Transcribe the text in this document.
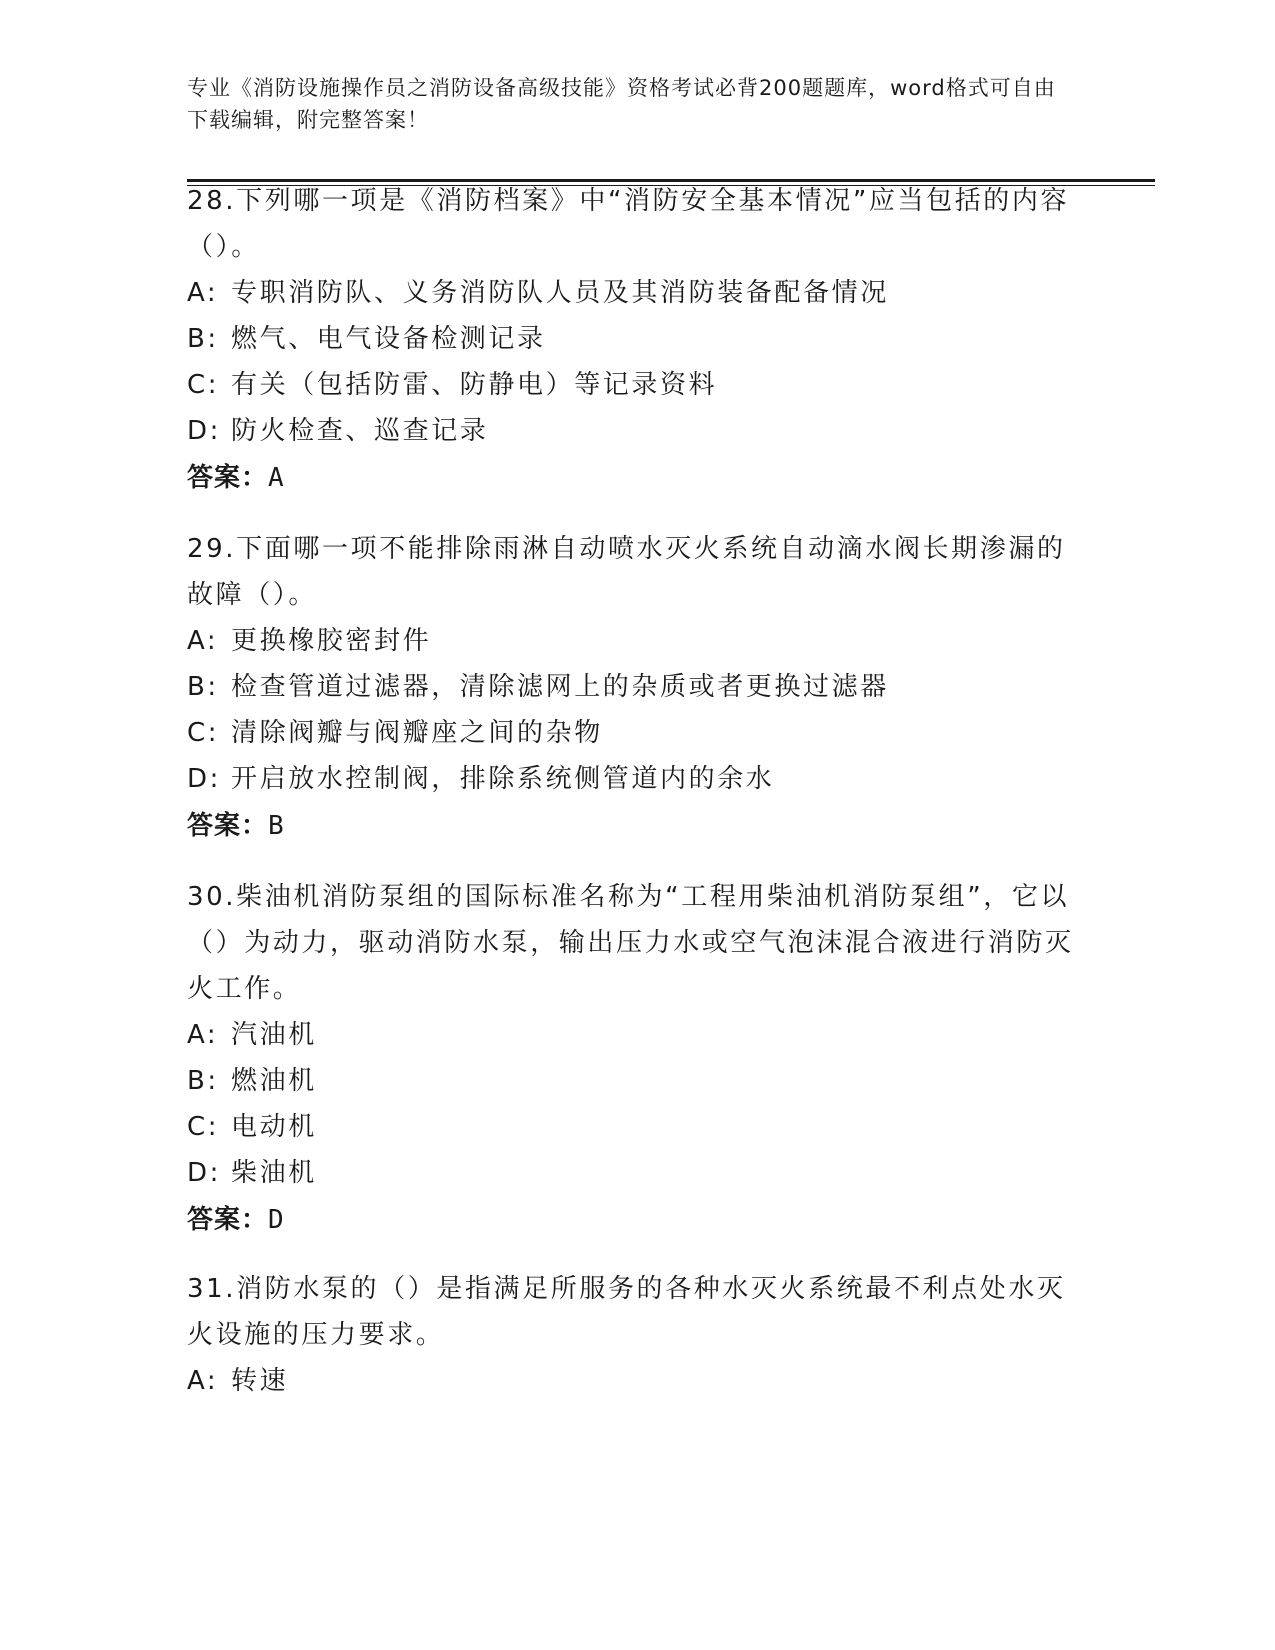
专业《消防设施操作员之消防设备高级技能》资格考试必背200题题库，word格式可自由下载编辑，附完整答案！
28.下列哪一项是《消防档案》中“消防安全基本情况”应当包括的内容（）。
A: 专职消防队、义务消防队人员及其消防装备配备情况
B: 燃气、电气设备检测记录
C: 有关（包括防雷、防静电）等记录资料
D: 防火检查、巡查记录
答案：A
29.下面哪一项不能排除雨淋自动喷水灭火系统自动滴水阀长期渗漏的故障（）。
A: 更换橡胶密封件
B: 检查管道过滤器，清除滤网上的杂质或者更换过滤器
C: 清除阀瓣与阀瓣座之间的杂物
D: 开启放水控制阀，排除系统侧管道内的余水
答案：B
30.柴油机消防泵组的国际标准名称为“工程用柴油机消防泵组”，它以（）为动力，驱动消防水泵，输出压力水或空气泡沫混合液进行消防灭火工作。
A: 汽油机
B: 燃油机
C: 电动机
D: 柴油机
答案：D
31.消防水泵的（）是指满足所服务的各种水灭火系统最不利点处水灭火设施的压力要求。
A: 转速
